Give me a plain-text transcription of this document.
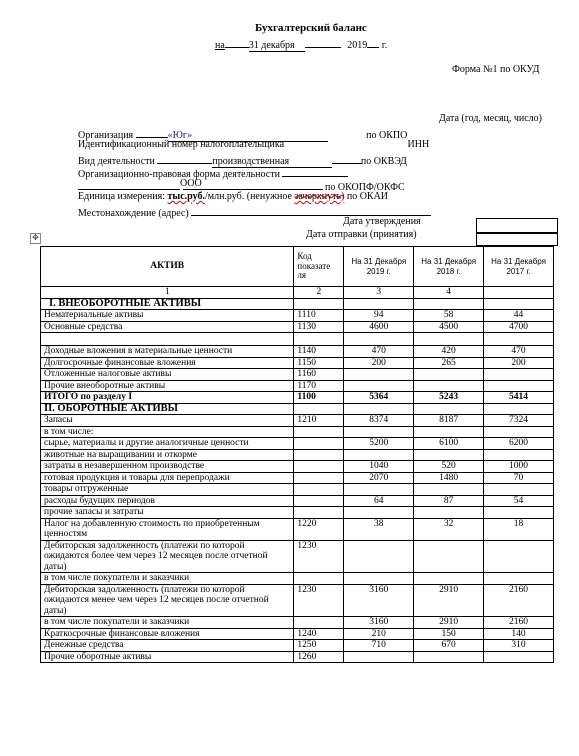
Бухгалтерский баланс
на 31 декабря	2019 г.
Форма №1 по ОКУД
Дата (год, месяц, число)
Организация	«Юг»	по ОКПО
Идентификационный номер налогоплательщика	ИНН
Вид деятельности	производственная	по ОКВЭД
Организационно-правовая форма деятельности

ООО	по ОКОПФ/ОКФС
Единица измерения: тыс.руб./млн.руб. (ненужное зачеркнуть) по ОКАИ
Местонахождение (адрес)
Дата утверждения
Дата отправки (принятия)
✥
АКТИВ	Код показате ля	На 31 Декабря 2019 г.	На 31 Декабря 2018 г.	На 31 Декабря 2017 г.
1	2	3	4	
I. ВНЕОБОРОТНЫЕ АКТИВЫ				
Нематериальные активы	1110	94	58	44
Основные средства	1130	4600	4500	4700

Доходные вложения в материальные ценности	1140	470	420	470
Долгосрочные финансовые вложения	1150	200	265	200
Отложенные налоговые активы	1160			
Прочие внеоборотные активы	1170			
ИТОГО по разделу I	1100	5364	5243	5414
II. ОБОРОТНЫЕ АКТИВЫ				
Запасы	1210	8374	8187	7324
в том числе:				
сырье, материалы и другие аналогичные ценности		5200	6100	6200
животные на выращивании и откорме				
затраты в незавершенном производстве		1040	520	1000
готовая продукция и товары для перепродажи		2070	1480	70
товары отгруженные				
расходы будущих периодов		64	87	54
прочие запасы и затраты				
Налог на добавленную стоимость по приобретенным ценностям	1220	38	32	18
Дебиторская задолженность (платежи по которой ожидаются более чем через 12 месяцев после отчетной даты)	1230			
в том числе покупатели и заказчики				
Дебиторская задолженность (платежи по которой ожидаются менее чем через 12 месяцев после отчетной даты)	1230	3160	2910	2160
в том числе покупатели и заказчики		3160	2910	2160
Краткосрочные финансовые вложения	1240	210	150	140
Денежные средства	1250	710	670	310
Прочие оборотные активы	1260			
